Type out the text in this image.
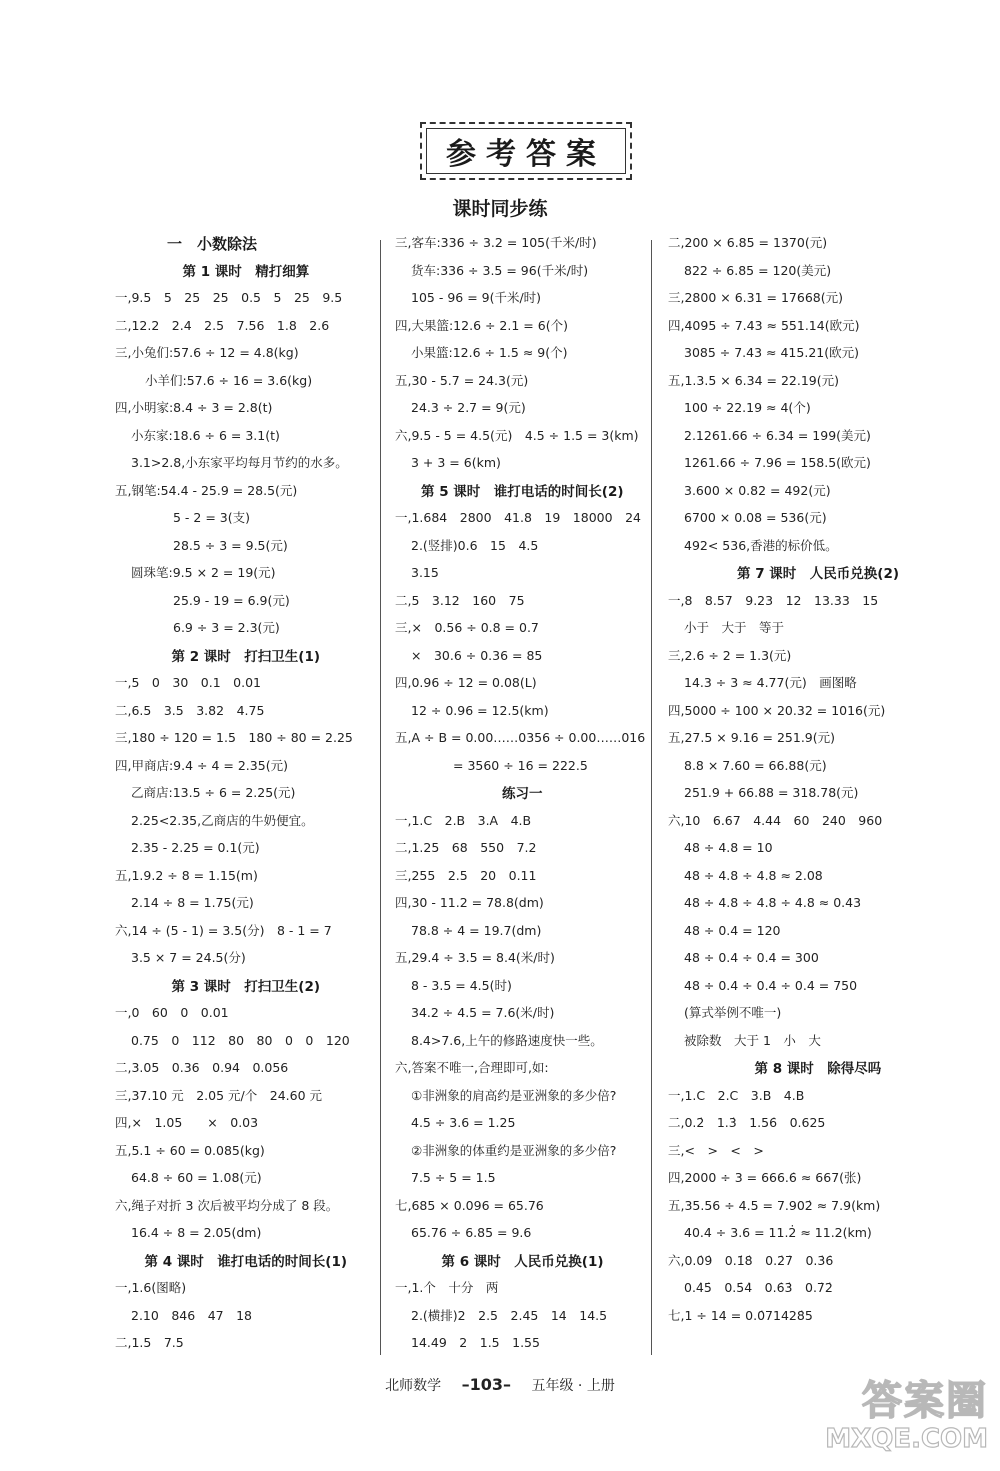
参考答案
课时同步练
一　小数除法
第 1 课时　精打细算
一,9.5　5　25　25　0.5　5　25　9.5
二,12.2　2.4　2.5　7.56　1.8　2.6
三,小兔们:57.6 ÷ 12 = 4.8(kg)
小羊们:57.6 ÷ 16 = 3.6(kg)
四,小明家:8.4 ÷ 3 = 2.8(t)
小东家:18.6 ÷ 6 = 3.1(t)
3.1>2.8,小东家平均每月节约的水多。
五,钢笔:54.4 - 25.9 = 28.5(元)
5 - 2 = 3(支)
28.5 ÷ 3 = 9.5(元)
圆珠笔:9.5 × 2 = 19(元)
25.9 - 19 = 6.9(元)
6.9 ÷ 3 = 2.3(元)
第 2 课时　打扫卫生(1)
一,5　0　30　0.1　0.01
二,6.5　3.5　3.82　4.75
三,180 ÷ 120 = 1.5　180 ÷ 80 = 2.25
四,甲商店:9.4 ÷ 4 = 2.35(元)
乙商店:13.5 ÷ 6 = 2.25(元)
2.25<2.35,乙商店的牛奶便宜。
2.35 - 2.25 = 0.1(元)
五,1.9.2 ÷ 8 = 1.15(m)
2.14 ÷ 8 = 1.75(元)
六,14 ÷ (5 - 1) = 3.5(分)　8 - 1 = 7
3.5 × 7 = 24.5(分)
第 3 课时　打扫卫生(2)
一,0　60　0　0.01
0.75　0　112　80　80　0　0　120
二,3.05　0.36　0.94　0.056
三,37.10 元　2.05 元/个　24.60 元
四,×　1.05　　×　0.03
五,5.1 ÷ 60 = 0.085(kg)
64.8 ÷ 60 = 1.08(元)
六,绳子对折 3 次后被平均分成了 8 段。
16.4 ÷ 8 = 2.05(dm)
第 4 课时　谁打电话的时间长(1)
一,1.6(图略)
2.10　846　47　18
二,1.5　7.5
三,客车:336 ÷ 3.2 = 105(千米/时)
货车:336 ÷ 3.5 = 96(千米/时)
105 - 96 = 9(千米/时)
四,大果篮:12.6 ÷ 2.1 = 6(个)
小果篮:12.6 ÷ 1.5 ≈ 9(个)
五,30 - 5.7 = 24.3(元)
24.3 ÷ 2.7 = 9(元)
六,9.5 - 5 = 4.5(元)　4.5 ÷ 1.5 = 3(km)
3 + 3 = 6(km)
第 5 课时　谁打电话的时间长(2)
一,1.684　2800　41.8　19　18000　24
2.(竖排)0.6　15　4.5
3.15
二,5　3.12　160　75
三,×　0.56 ÷ 0.8 = 0.7
×　30.6 ÷ 0.36 = 85
四,0.96 ÷ 12 = 0.08(L)
12 ÷ 0.96 = 12.5(km)
五,A ÷ B = 0.00……0356 ÷ 0.00……016
= 3560 ÷ 16 = 222.5
练习一
一,1.C　2.B　3.A　4.B
二,1.25　68　550　7.2
三,255　2.5　20　0.11
四,30 - 11.2 = 78.8(dm)
78.8 ÷ 4 = 19.7(dm)
五,29.4 ÷ 3.5 = 8.4(米/时)
8 - 3.5 = 4.5(时)
34.2 ÷ 4.5 = 7.6(米/时)
8.4>7.6,上午的修路速度快一些。
六,答案不唯一,合理即可,如:
①非洲象的肩高约是亚洲象的多少倍?
4.5 ÷ 3.6 = 1.25
②非洲象的体重约是亚洲象的多少倍?
7.5 ÷ 5 = 1.5
七,685 × 0.096 = 65.76
65.76 ÷ 6.85 = 9.6
第 6 课时　人民币兑换(1)
一,1.个　十分　两
2.(横排)2　2.5　2.45　14　14.5
14.49　2　1.5　1.55
二,200 × 6.85 = 1370(元)
822 ÷ 6.85 = 120(美元)
三,2800 × 6.31 = 17668(元)
四,4095 ÷ 7.43 ≈ 551.14(欧元)
3085 ÷ 7.43 ≈ 415.21(欧元)
五,1.3.5 × 6.34 = 22.19(元)
100 ÷ 22.19 ≈ 4(个)
2.1261.66 ÷ 6.34 = 199(美元)
1261.66 ÷ 7.96 = 158.5(欧元)
3.600 × 0.82 = 492(元)
6700 × 0.08 = 536(元)
492< 536,香港的标价低。
第 7 课时　人民币兑换(2)
一,8　8.57　9.23　12　13.33　15
小于　大于　等于
三,2.6 ÷ 2 = 1.3(元)
14.3 ÷ 3 ≈ 4.77(元)　画图略
四,5000 ÷ 100 × 20.32 = 1016(元)
五,27.5 × 9.16 = 251.9(元)
8.8 × 7.60 = 66.88(元)
251.9 + 66.88 = 318.78(元)
六,10　6.67　4.44　60　240　960
48 ÷ 4.8 = 10
48 ÷ 4.8 ÷ 4.8 ≈ 2.08
48 ÷ 4.8 ÷ 4.8 ÷ 4.8 ≈ 0.43
48 ÷ 0.4 = 120
48 ÷ 0.4 ÷ 0.4 = 300
48 ÷ 0.4 ÷ 0.4 ÷ 0.4 = 750
(算式举例不唯一)
被除数　大于 1　小　大
第 8 课时　除得尽吗
一,1.C　2.C　3.B　4.B
二,0.2̇　1.3̇　1.56̇　0.625
三,<　>　<　>
四,2000 ÷ 3 = 666.6̇ ≈ 667(张)
五,35.56 ÷ 4.5 = 7.902̇ ≈ 7.9(km)
40.4 ÷ 3.6 = 11.2̇ ≈ 11.2(km)
六,0.0̇9̇　0.1̇8̇　0.2̇7̇　0.3̇6̇
0.4̇5̇　0.5̇4̇　0.6̇3̇　0.7̇2̇
七,1 ÷ 14 = 0.0̇71428̇5
北师数学 –103– 五年级 · 上册	答案圈
MXQE.COM
